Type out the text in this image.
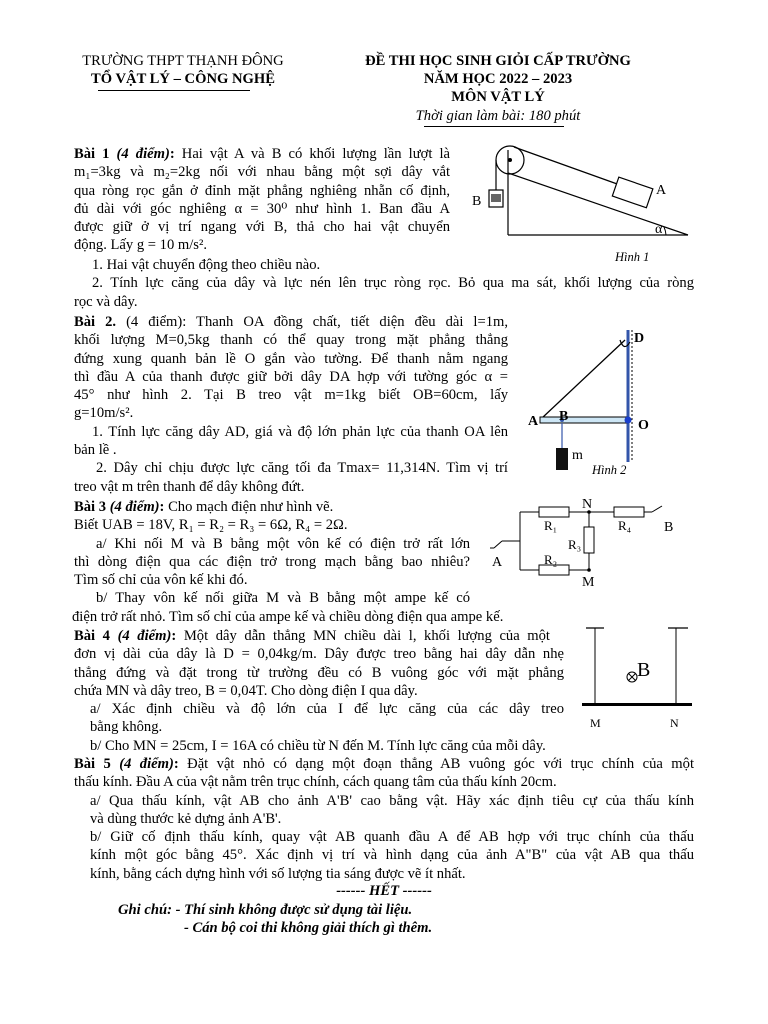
TRƯỜNG THPT THẠNH ĐÔNG
TỔ VẬT LÝ – CÔNG NGHỆ
ĐỀ THI HỌC SINH GIỎI CẤP TRƯỜNG
NĂM HỌC 2022 – 2023
MÔN VẬT LÝ
Thời gian làm bài: 180 phút
Bài 1 (4 điểm): Hai vật A và B có khối lượng lần lượt là
m₁=3kg và m₂=2kg nối với nhau bằng một sợi dây vắt
qua ròng rọc gắn ở đỉnh mặt phẳng nghiêng nhẵn cố định,
đủ dài với góc nghiêng α = 30⁰ như hình 1. Ban đầu A
được giữ ở vị trí ngang với B, thả cho hai vật chuyển
động. Lấy g = 10 m/s².
1. Hai vật chuyển động theo chiều nào.
2. Tính lực căng của dây và lực nén lên trục ròng rọc. Bỏ qua ma sát, khối lượng của ròng
rọc và dây.
A
B
α
Hình 1
Bài 2. (4 điểm): Thanh OA đồng chất, tiết diện đều dài l=1m,
khối lượng M=0,5kg thanh có thể quay trong mặt phẳng thẳng
đứng xung quanh bản lề O gắn vào tường. Để thanh nằm ngang
thì đầu A của thanh được giữ bởi dây DA hợp với tường góc α =
45° như hình 2. Tại B treo vật m=1kg biết OB=60cm, lấy
g=10m/s².
1. Tính lực căng dây AD, giá và độ lớn phản lực của thanh OA lên
bản lề .
2. Dây chỉ chịu được lực căng tối đa Tmax= 11,314N. Tìm vị trí
treo vật m trên thanh để dây không đứt.
D
A B
O
m
Hình 2
Bài 3 (4 điểm): Cho mạch điện như hình vẽ.
Biết UAB = 18V, R₁ = R₂ = R₃ = 6Ω, R₄ = 2Ω.
a/ Khi nối M và B bằng một vôn kế có điện trở rất lớn
thì dòng điện qua các điện trở trong mạch bằng bao nhiêu?
Tìm số chỉ của vôn kế khi đó.
b/ Thay vôn kế nối giữa M và B bằng một ampe kế có
điện trở rất nhỏ. Tìm số chỉ của ampe kế và chiều dòng điện qua ampe kế.
N
M
A
B
R₁	R₄
R₃
R₂
Bài 4 (4 điểm): Một dây dẫn thẳng MN chiều dài l, khối lượng của một
đơn vị dài của dây là D = 0,04kg/m. Dây được treo bằng hai dây dẫn nhẹ
thẳng đứng và đặt trong từ trường đều có B vuông góc với mặt phẳng
chứa MN và dây treo, B = 0,04T. Cho dòng điện I qua dây.
a/ Xác định chiều và độ lớn của I để lực căng của các dây treo
bằng không.
b/ Cho MN = 25cm, I = 16A có chiều từ N đến M. Tính lực căng của mỗi dây.
B
M	N
Bài 5 (4 điểm): Đặt vật nhỏ có dạng một đoạn thẳng AB vuông góc với trục chính của một
thấu kính. Đầu A của vật nằm trên trục chính, cách quang tâm của thấu kính 20cm.
a/ Qua thấu kính, vật AB cho ảnh A'B' cao bằng vật. Hãy xác định tiêu cự của thấu kính
và dùng thước kẻ dựng ảnh A'B'.
b/ Giữ cố định thấu kính, quay vật AB quanh đầu A để AB hợp với trục chính của thấu
kính một góc bằng 45°. Xác định vị trí và hình dạng của ảnh A"B" của vật AB qua thấu
kính, bằng cách dựng hình với số lượng tia sáng được vẽ ít nhất.
------ HẾT ------
Ghi chú: - Thí sinh không được sử dụng tài liệu.
- Cán bộ coi thi không giải thích gì thêm.
